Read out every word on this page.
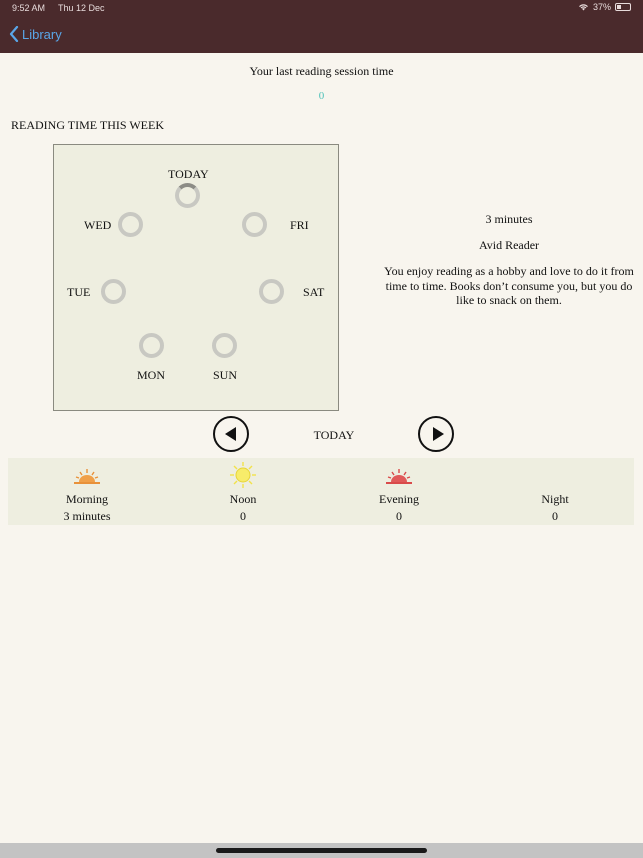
9:52 AM Thu 12 Dec	37%
Library
Your last reading session time
0
READING TIME THIS WEEK
TODAY
WED	FRI
TUE	SAT
MON	SUN
3 minutes
Avid Reader
You enjoy reading as a hobby and love to do it from time to time. Books don’t consume you, but you do like to snack on them.
TODAY
Morning
3 minutes
Noon
0
Evening
0
Night
0
